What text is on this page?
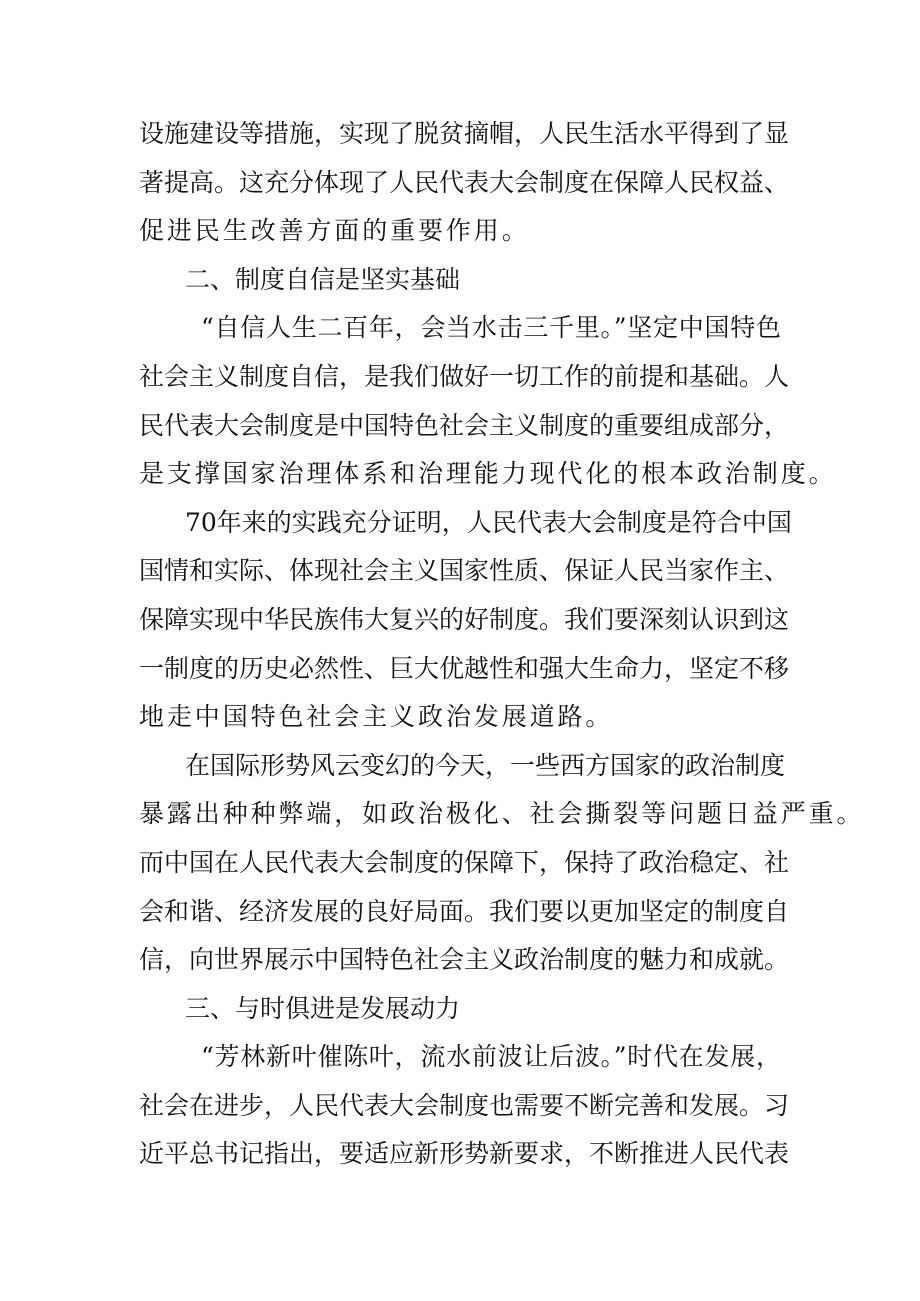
设施建设等措施，实现了脱贫摘帽，人民生活水平得到了显
著提高。这充分体现了人民代表大会制度在保障人民权益、
促进民生改善方面的重要作用。
二、制度自信是坚实基础
“自信人生二百年，会当水击三千里。”坚定中国特色
社会主义制度自信，是我们做好一切工作的前提和基础。人
民代表大会制度是中国特色社会主义制度的重要组成部分，
是支撑国家治理体系和治理能力现代化的根本政治制度。
70年来的实践充分证明，人民代表大会制度是符合中国
国情和实际、体现社会主义国家性质、保证人民当家作主、
保障实现中华民族伟大复兴的好制度。我们要深刻认识到这
一制度的历史必然性、巨大优越性和强大生命力，坚定不移
地走中国特色社会主义政治发展道路。
在国际形势风云变幻的今天，一些西方国家的政治制度
暴露出种种弊端，如政治极化、社会撕裂等问题日益严重。
而中国在人民代表大会制度的保障下，保持了政治稳定、社
会和谐、经济发展的良好局面。我们要以更加坚定的制度自
信，向世界展示中国特色社会主义政治制度的魅力和成就。
三、与时俱进是发展动力
“芳林新叶催陈叶，流水前波让后波。”时代在发展，
社会在进步，人民代表大会制度也需要不断完善和发展。习
近平总书记指出，要适应新形势新要求，不断推进人民代表
